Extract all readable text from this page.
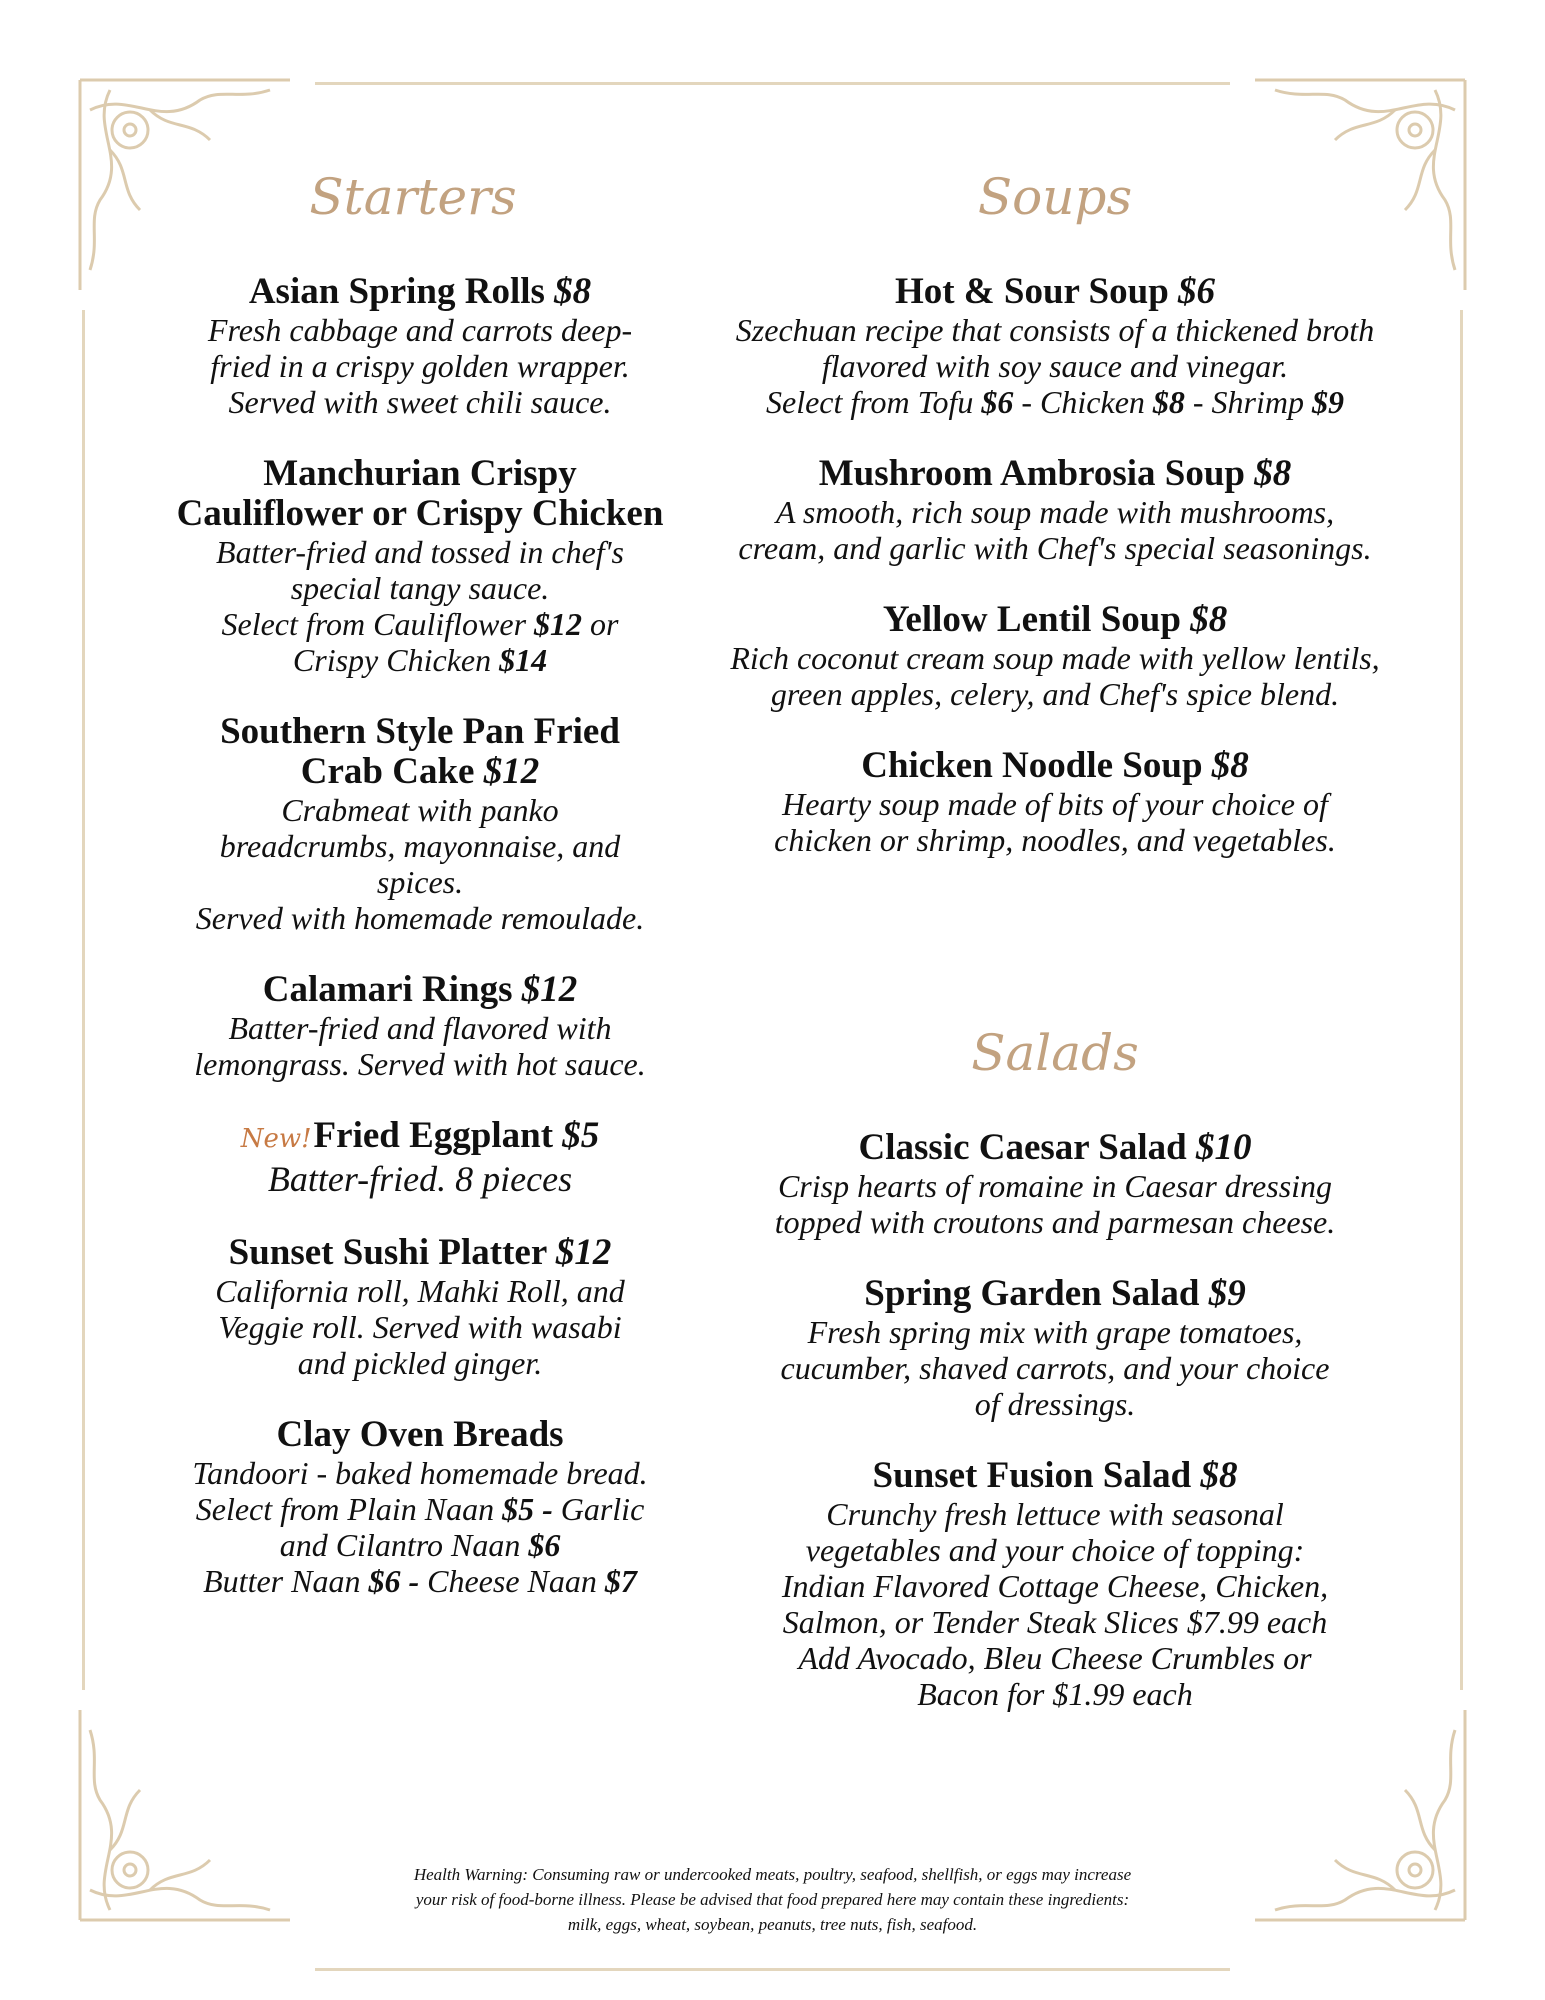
Starters	Soups
Salads
Asian Spring Rolls $8
Fresh cabbage and carrots deep-
fried in a crispy golden wrapper.
Served with sweet chili sauce.
Manchurian Crispy
Cauliflower or Crispy Chicken
Batter-fried and tossed in chef's
special tangy sauce.
Select from Cauliflower $12 or
Crispy Chicken $14
Southern Style Pan Fried
Crab Cake $12
Crabmeat with panko
breadcrumbs, mayonnaise, and
spices.
Served with homemade remoulade.
Calamari Rings $12
Batter-fried and flavored with
lemongrass. Served with hot sauce.
New!Fried Eggplant $5
Batter-fried. 8 pieces
Sunset Sushi Platter $12
California roll, Mahki Roll, and
Veggie roll. Served with wasabi
and pickled ginger.
Clay Oven Breads
Tandoori - baked homemade bread.
Select from Plain Naan $5 - Garlic
and Cilantro Naan $6
Butter Naan $6 - Cheese Naan $7
Hot & Sour Soup $6
Szechuan recipe that consists of a thickened broth
flavored with soy sauce and vinegar.
Select from Tofu $6 - Chicken $8 - Shrimp $9
Mushroom Ambrosia Soup $8
A smooth, rich soup made with mushrooms,
cream, and garlic with Chef's special seasonings.
Yellow Lentil Soup $8
Rich coconut cream soup made with yellow lentils,
green apples, celery, and Chef's spice blend.
Chicken Noodle Soup $8
Hearty soup made of bits of your choice of
chicken or shrimp, noodles, and vegetables.
Classic Caesar Salad $10
Crisp hearts of romaine in Caesar dressing
topped with croutons and parmesan cheese.
Spring Garden Salad $9
Fresh spring mix with grape tomatoes,
cucumber, shaved carrots, and your choice
of dressings.
Sunset Fusion Salad $8
Crunchy fresh lettuce with seasonal
vegetables and your choice of topping:
Indian Flavored Cottage Cheese, Chicken,
Salmon, or Tender Steak Slices $7.99 each
Add Avocado, Bleu Cheese Crumbles or
Bacon for $1.99 each
Health Warning: Consuming raw or undercooked meats, poultry, seafood, shellfish, or eggs may increase
your risk of food-borne illness. Please be advised that food prepared here may contain these ingredients:
milk, eggs, wheat, soybean, peanuts, tree nuts, fish, seafood.
